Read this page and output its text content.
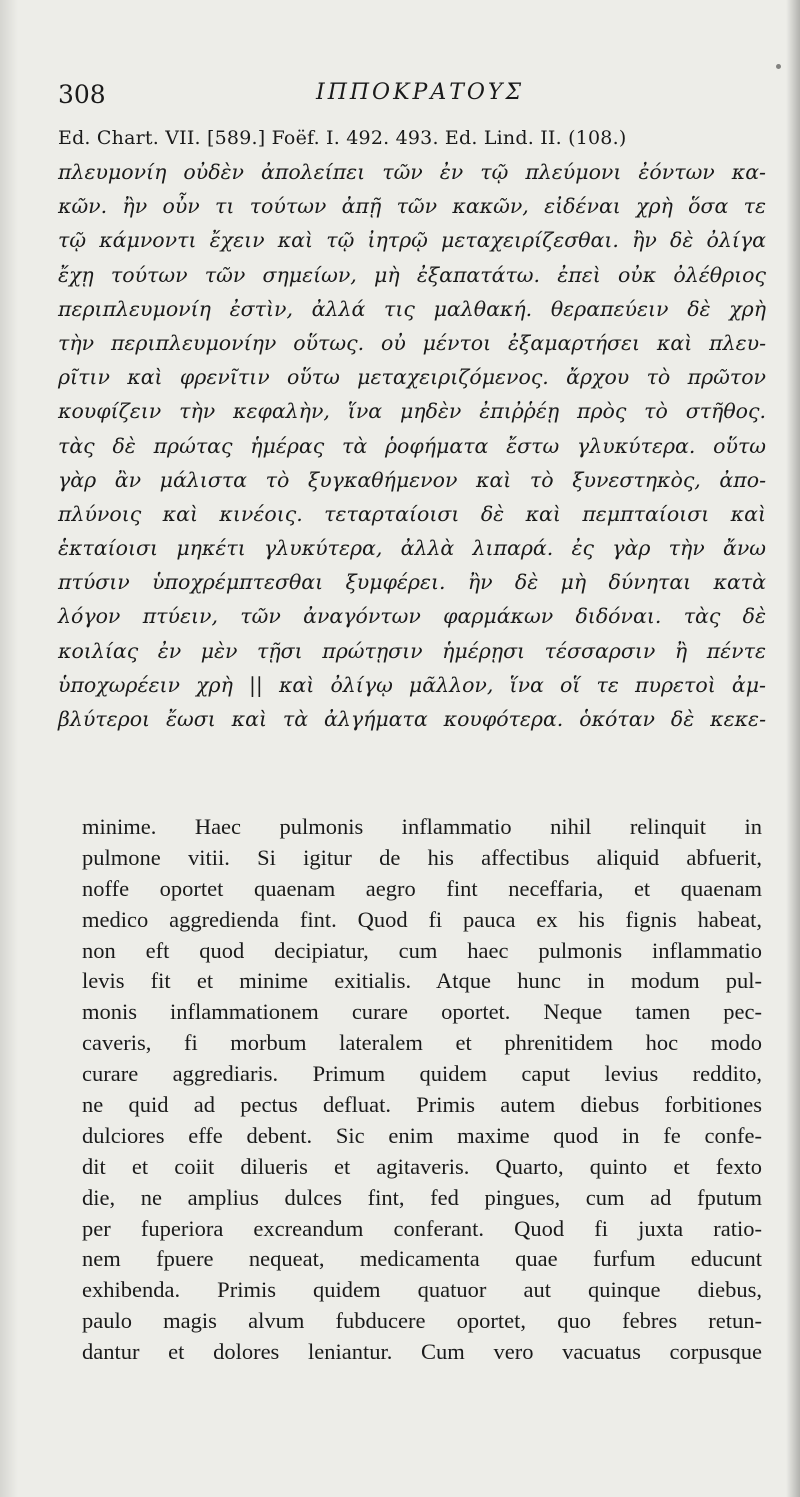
308	ΙΠΠΟΚΡΑΤΟΥΣ
Ed. Chart. VII. [589.] Foëf. I. 492. 493. Ed. Lind. II. (108.)
πλευμονίη οὐδὲν ἀπολείπει τῶν ἐν τῷ πλεύμονι ἐόντων κα-
κῶν. ἢν οὖν τι τούτων ἀπῇ τῶν κακῶν, εἰδέναι χρὴ ὅσα τε
τῷ κάμνοντι ἔχειν καὶ τῷ ἰητρῷ μεταχειρίζεσθαι. ἢν δὲ ὀλίγα
ἔχῃ τούτων τῶν σημείων, μὴ ἐξαπατάτω. ἐπεὶ οὐκ ὀλέθριος
περιπλευμονίη ἐστὶν, ἀλλά τις μαλθακή. θεραπεύειν δὲ χρὴ
τὴν περιπλευμονίην οὕτως. οὐ μέντοι ἐξαμαρτήσει καὶ πλευ-
ρῖτιν καὶ φρενῖτιν οὕτω μεταχειριζόμενος. ἄρχου τὸ πρῶτον
κουφίζειν τὴν κεφαλὴν, ἵνα μηδὲν ἐπιῤῥέῃ πρὸς τὸ στῆθος.
τὰς δὲ πρώτας ἡμέρας τὰ ῥοφήματα ἔστω γλυκύτερα. οὕτω
γὰρ ἂν μάλιστα τὸ ξυγκαθήμενον καὶ τὸ ξυνεστηκὸς, ἀπο-
πλύνοις καὶ κινέοις. τεταρταίοισι δὲ καὶ πεμπταίοισι καὶ
ἑκταίοισι μηκέτι γλυκύτερα, ἀλλὰ λιπαρά. ἐς γὰρ τὴν ἄνω
πτύσιν ὑποχρέμπτεσθαι ξυμφέρει. ἢν δὲ μὴ δύνηται κατὰ
λόγον πτύειν, τῶν ἀναγόντων φαρμάκων διδόναι. τὰς δὲ
κοιλίας ἐν μὲν τῇσι πρώτῃσιν ἡμέρῃσι τέσσαρσιν ἢ πέντε
ὑποχωρέειν χρὴ || καὶ ὀλίγῳ μᾶλλον, ἵνα οἵ τε πυρετοὶ ἀμ-
βλύτεροι ἔωσι καὶ τὰ ἀλγήματα κουφότερα. ὁκόταν δὲ κεκε-
minime. Haec pulmonis inflammatio nihil relinquit in
pulmone vitii. Si igitur de his affectibus aliquid abfuerit,
noffe oportet quaenam aegro fint neceffaria, et quaenam
medico aggredienda fint. Quod fi pauca ex his fignis habeat,
non eft quod decipiatur, cum haec pulmonis inflammatio
levis fit et minime exitialis. Atque hunc in modum pul-
monis inflammationem curare oportet. Neque tamen pec-
caveris, fi morbum lateralem et phrenitidem hoc modo
curare aggrediaris. Primum quidem caput levius reddito,
ne quid ad pectus defluat. Primis autem diebus forbitiones
dulciores effe debent. Sic enim maxime quod in fe confe-
dit et coiit dilueris et agitaveris. Quarto, quinto et fexto
die, ne amplius dulces fint, fed pingues, cum ad fputum
per fuperiora excreandum conferant. Quod fi juxta ratio-
nem fpuere nequeat, medicamenta quae furfum educunt
exhibenda. Primis quidem quatuor aut quinque diebus,
paulo magis alvum fubducere oportet, quo febres retun-
dantur et dolores leniantur. Cum vero vacuatus corpusque
